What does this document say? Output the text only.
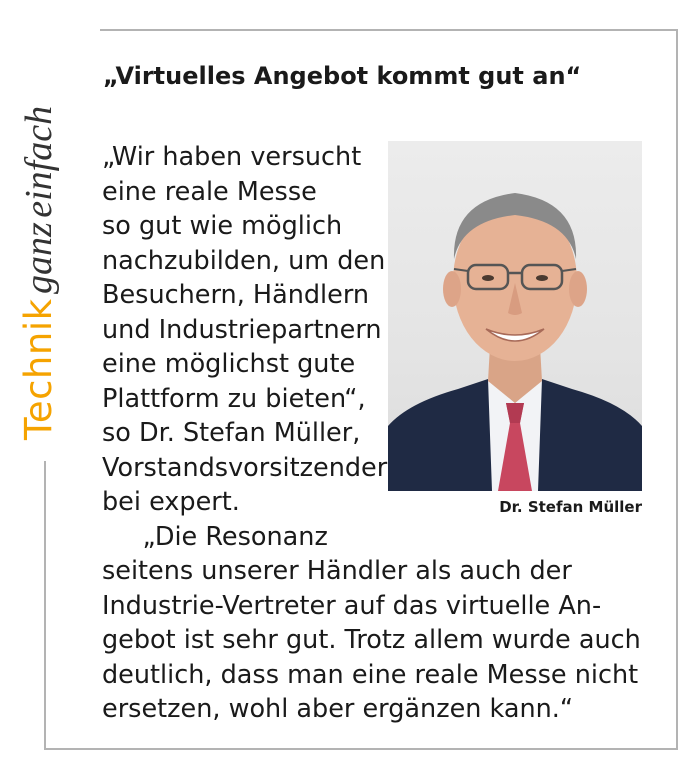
Technik ganz einfach
„Virtuelles Angebot kommt gut an“
„Wir haben versucht
eine reale Messe
so gut wie möglich
nachzubilden, um den
Besuchern, Händlern
und Industriepartnern
eine möglichst gute
Plattform zu bieten“,
so Dr. Stefan Müller,
Vorstandsvorsitzender
bei expert.
„Die Resonanz
seitens unserer Händler als auch der
Industrie-Vertreter auf das virtuelle An-
gebot ist sehr gut. Trotz allem wurde auch
deutlich, dass man eine reale Messe nicht
ersetzen, wohl aber ergänzen kann.“
Dr. Stefan Müller
